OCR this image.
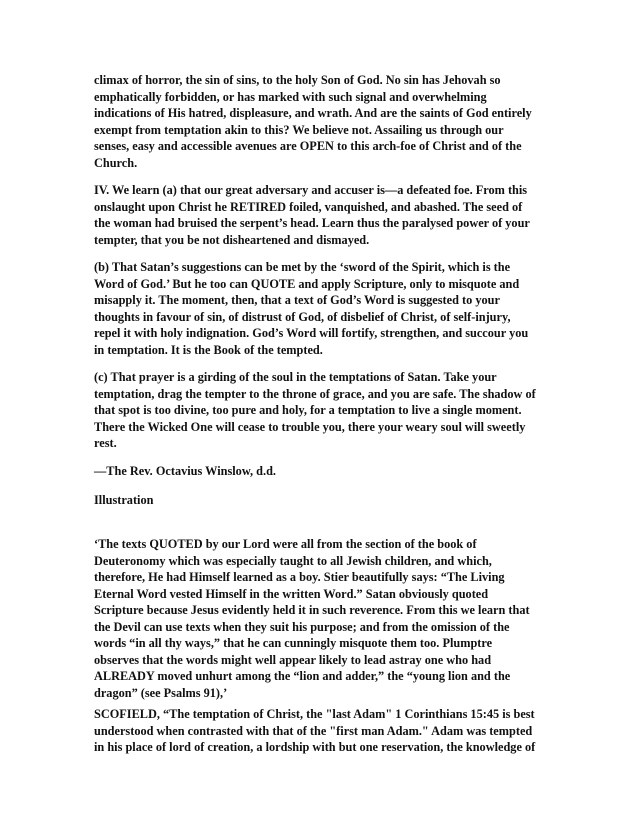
climax of horror, the sin of sins, to the holy Son of God. No sin has Jehovah so
emphatically forbidden, or has marked with such signal and overwhelming
indications of His hatred, displeasure, and wrath. And are the saints of God entirely
exempt from temptation akin to this? We believe not. Assailing us through our
senses, easy and accessible avenues are OPEN to this arch-foe of Christ and of the
Church.
IV. We learn (a) that our great adversary and accuser is—a defeated foe. From this
onslaught upon Christ he RETIRED foiled, vanquished, and abashed. The seed of
the woman had bruised the serpent’s head. Learn thus the paralysed power of your
tempter, that you be not disheartened and dismayed.
(b) That Satan’s suggestions can be met by the ‘sword of the Spirit, which is the
Word of God.’ But he too can QUOTE and apply Scripture, only to misquote and
misapply it. The moment, then, that a text of God’s Word is suggested to your
thoughts in favour of sin, of distrust of God, of disbelief of Christ, of self-injury,
repel it with holy indignation. God’s Word will fortify, strengthen, and succour you
in temptation. It is the Book of the tempted.
(c) That prayer is a girding of the soul in the temptations of Satan. Take your
temptation, drag the tempter to the throne of grace, and you are safe. The shadow of
that spot is too divine, too pure and holy, for a temptation to live a single moment.
There the Wicked One will cease to trouble you, there your weary soul will sweetly
rest.
—The Rev. Octavius Winslow, d.d.
Illustration
‘The texts QUOTED by our Lord were all from the section of the book of
Deuteronomy which was especially taught to all Jewish children, and which,
therefore, He had Himself learned as a boy. Stier beautifully says: “The Living
Eternal Word vested Himself in the written Word.” Satan obviously quoted
Scripture because Jesus evidently held it in such reverence. From this we learn that
the Devil can use texts when they suit his purpose; and from the omission of the
words “in all thy ways,” that he can cunningly misquote them too. Plumptre
observes that the words might well appear likely to lead astray one who had
ALREADY moved unhurt among the “lion and adder,” the “young lion and the
dragon” (see Psalms 91),’
SCOFIELD, “The temptation of Christ, the "last Adam" 1 Corinthians 15:45 is best
understood when contrasted with that of the "first man Adam." Adam was tempted
in his place of lord of creation, a lordship with but one reservation, the knowledge of
